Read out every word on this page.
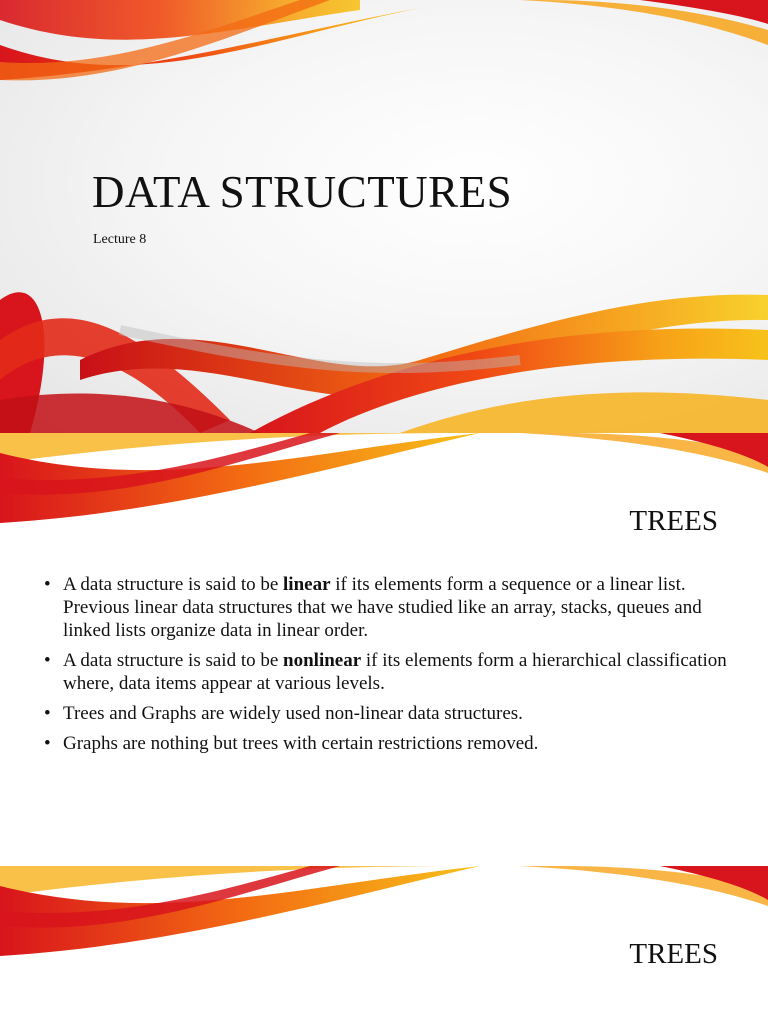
DATA STRUCTURES
Lecture 8
TREES
• A data structure is said to be linear if its elements form a sequence or a linear list. Previous linear data structures that we have studied like an array, stacks, queues and linked lists organize data in linear order.
• A data structure is said to be nonlinear if its elements form a hierarchical classification where, data items appear at various levels.
• Trees and Graphs are widely used non-linear data structures.
• Graphs are nothing but trees with certain restrictions removed.
TREES
